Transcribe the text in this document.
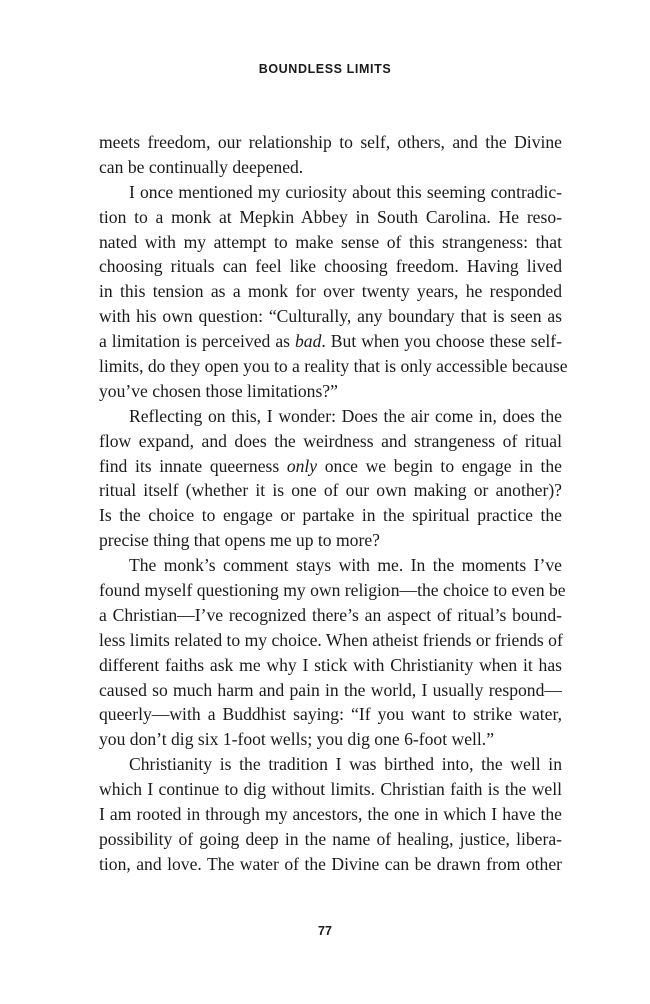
BOUNDLESS LIMITS
meets freedom, our relationship to self, others, and the Divine
can be continually deepened.
I once mentioned my curiosity about this seeming contradic-
tion to a monk at Mepkin Abbey in South Carolina. He reso-
nated with my attempt to make sense of this strangeness: that
choosing rituals can feel like choosing freedom. Having lived
in this tension as a monk for over twenty years, he responded
with his own question: “Culturally, any boundary that is seen as
a limitation is perceived as bad. But when you choose these self-
limits, do they open you to a reality that is only accessible because
you’ve chosen those limitations?”
Reflecting on this, I wonder: Does the air come in, does the
flow expand, and does the weirdness and strangeness of ritual
find its innate queerness only once we begin to engage in the
ritual itself (whether it is one of our own making or another)?
Is the choice to engage or partake in the spiritual practice the
precise thing that opens me up to more?
The monk’s comment stays with me. In the moments I’ve
found myself questioning my own religion—the choice to even be
a Christian—I’ve recognized there’s an aspect of ritual’s bound-
less limits related to my choice. When atheist friends or friends of
different faiths ask me why I stick with Christianity when it has
caused so much harm and pain in the world, I usually respond—
queerly—with a Buddhist saying: “If you want to strike water,
you don’t dig six 1-foot wells; you dig one 6-foot well.”
Christianity is the tradition I was birthed into, the well in
which I continue to dig without limits. Christian faith is the well
I am rooted in through my ancestors, the one in which I have the
possibility of going deep in the name of healing, justice, libera-
tion, and love. The water of the Divine can be drawn from other
77
